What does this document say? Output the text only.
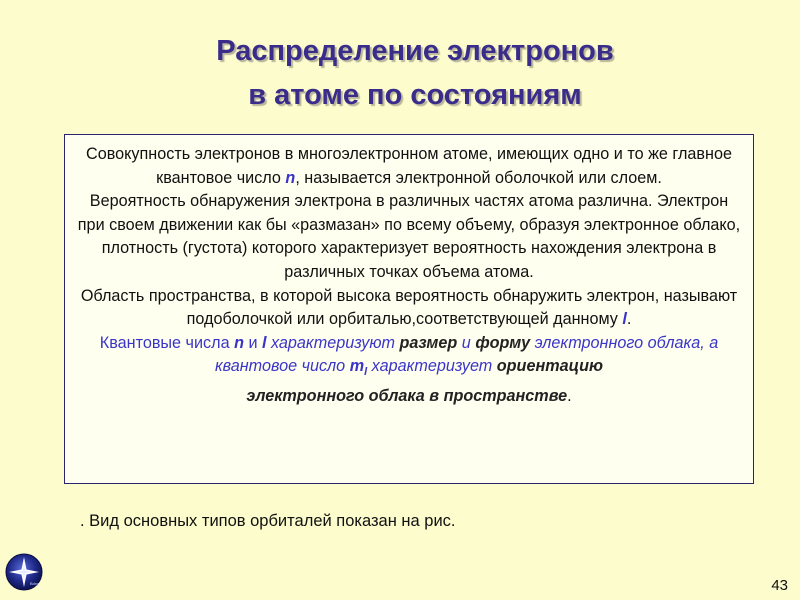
Распределение электронов
в атоме по состояниям

Совокупность электронов в многоэлектронном атоме, имеющих одно и то же главное квантовое число n, называется электронной оболочкой или слоем.

Вероятность обнаружения электрона в различных частях атома различна. Электрон при своем движении как бы «размазан» по всему объему, образуя электронное облако, плотность (густота) которого характеризует вероятность нахождения электрона в различных точках объема атома.

Область пространства, в которой высока вероятность обнаружить электрон, называют подоболочкой или орбиталью,соответствующей данному l.

Квантовые числа n и l характеризуют размер и форму электронного облака, а квантовое число $m_l$ характеризует ориентацию

электронного облака в пространстве.

. Вид основных типов орбиталей показан на рис.
43
Bdrg
